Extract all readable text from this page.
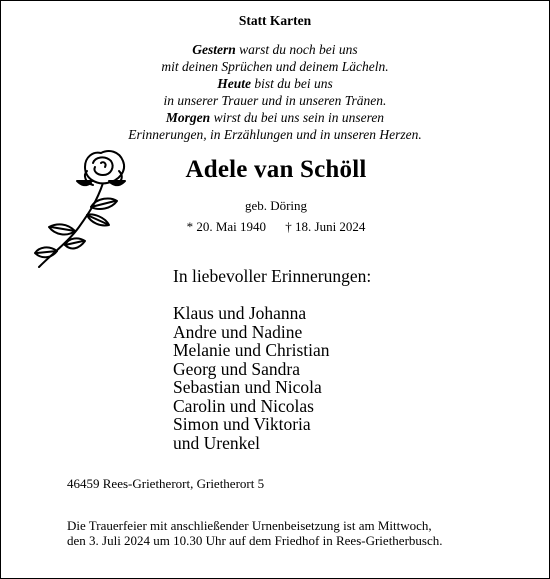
Statt Karten
Gestern warst du noch bei uns
mit deinen Sprüchen und deinem Lächeln.
Heute bist du bei uns
in unserer Trauer und in unseren Tränen.
Morgen wirst du bei uns sein in unseren
Erinnerungen, in Erzählungen und in unseren Herzen.
Adele van Schöll
geb. Döring
* 20. Mai 1940 † 18. Juni 2024
In liebevoller Erinnerungen:
Klaus und Johanna
Andre und Nadine
Melanie und Christian
Georg und Sandra
Sebastian und Nicola
Carolin und Nicolas
Simon und Viktoria
und Urenkel
46459 Rees-Grietherort, Grietherort 5
Die Trauerfeier mit anschließender Urnenbeisetzung ist am Mittwoch,
den 3. Juli 2024 um 10.30 Uhr auf dem Friedhof in Rees-Grietherbusch.
